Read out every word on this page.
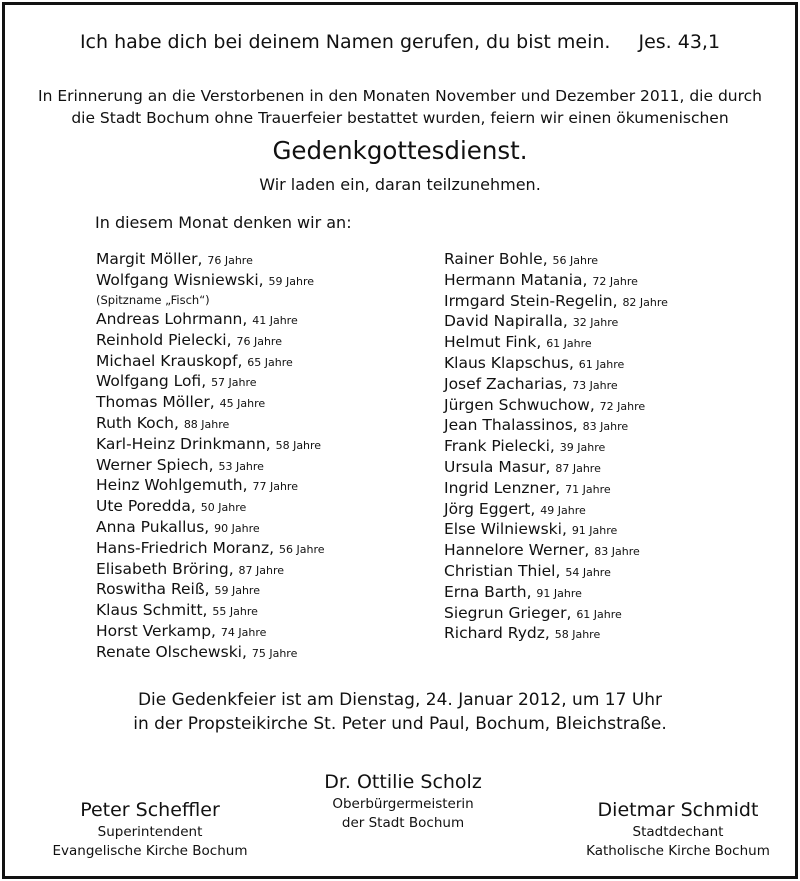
Ich habe dich bei deinem Namen gerufen, du bist mein. Jes. 43,1
In Erinnerung an die Verstorbenen in den Monaten November und Dezember 2011, die durch
die Stadt Bochum ohne Trauerfeier bestattet wurden, feiern wir einen ökumenischen
Gedenkgottesdienst.
Wir laden ein, daran teilzunehmen.
In diesem Monat denken wir an:
Margit Möller, 76 Jahre
Wolfgang Wisniewski, 59 Jahre
(Spitzname „Fisch“)
Andreas Lohrmann, 41 Jahre
Reinhold Pielecki, 76 Jahre
Michael Krauskopf, 65 Jahre
Wolfgang Lofi, 57 Jahre
Thomas Möller, 45 Jahre
Ruth Koch, 88 Jahre
Karl-Heinz Drinkmann, 58 Jahre
Werner Spiech, 53 Jahre
Heinz Wohlgemuth, 77 Jahre
Ute Poredda, 50 Jahre
Anna Pukallus, 90 Jahre
Hans-Friedrich Moranz, 56 Jahre
Elisabeth Bröring, 87 Jahre
Roswitha Reiß, 59 Jahre
Klaus Schmitt, 55 Jahre
Horst Verkamp, 74 Jahre
Renate Olschewski, 75 Jahre
Rainer Bohle, 56 Jahre
Hermann Matania, 72 Jahre
Irmgard Stein-Regelin, 82 Jahre
David Napiralla, 32 Jahre
Helmut Fink, 61 Jahre
Klaus Klapschus, 61 Jahre
Josef Zacharias, 73 Jahre
Jürgen Schwuchow, 72 Jahre
Jean Thalassinos, 83 Jahre
Frank Pielecki, 39 Jahre
Ursula Masur, 87 Jahre
Ingrid Lenzner, 71 Jahre
Jörg Eggert, 49 Jahre
Else Wilniewski, 91 Jahre
Hannelore Werner, 83 Jahre
Christian Thiel, 54 Jahre
Erna Barth, 91 Jahre
Siegrun Grieger, 61 Jahre
Richard Rydz, 58 Jahre
Die Gedenkfeier ist am Dienstag, 24. Januar 2012, um 17 Uhr
in der Propsteikirche St. Peter und Paul, Bochum, Bleichstraße.
Peter Scheffler
Superintendent
Evangelische Kirche Bochum
Dr. Ottilie Scholz
Oberbürgermeisterin
der Stadt Bochum
Dietmar Schmidt
Stadtdechant
Katholische Kirche Bochum
